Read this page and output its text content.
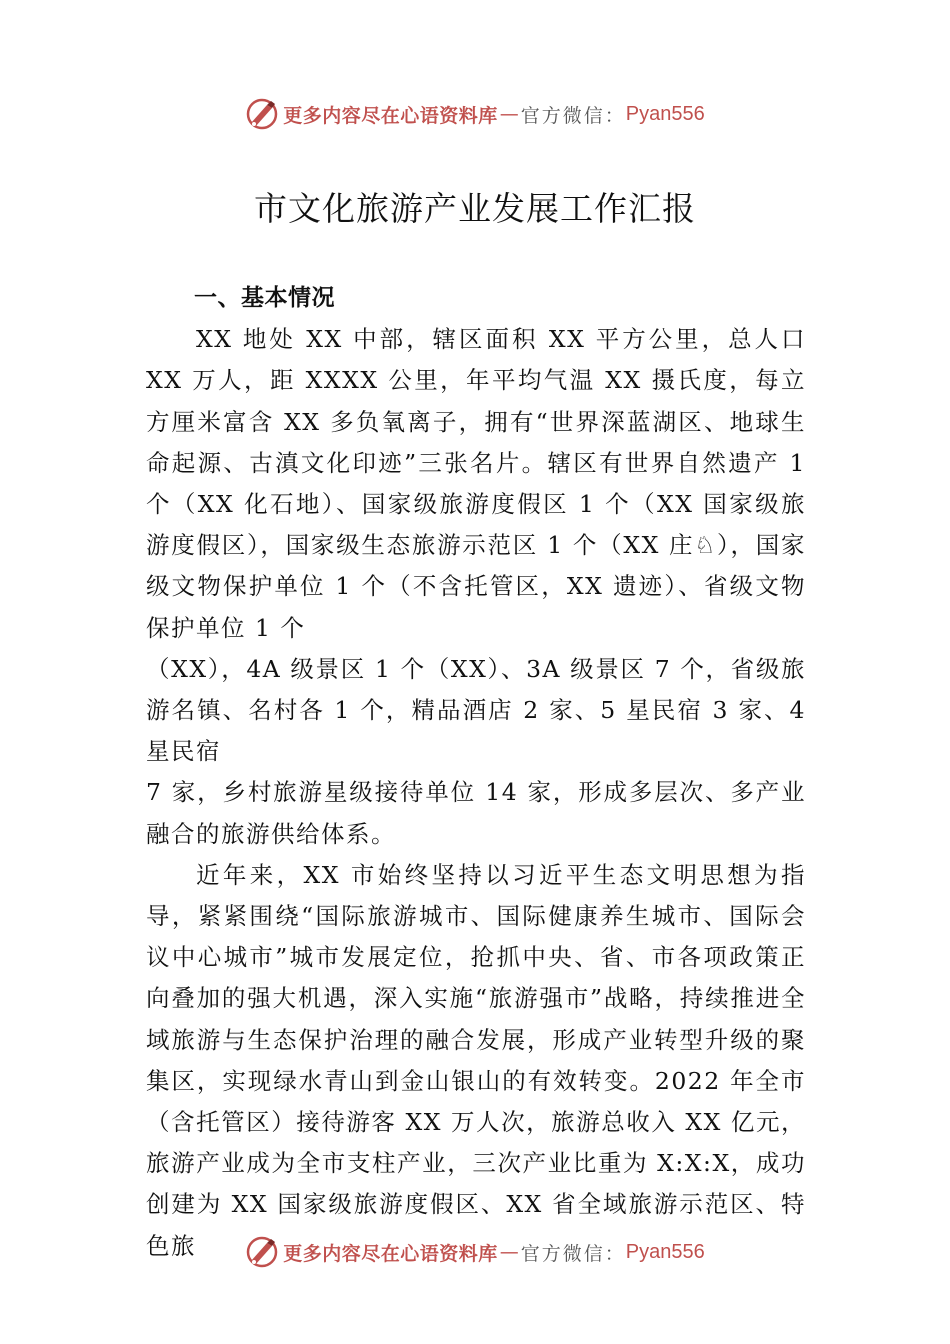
更多内容尽在心语资料库 — 官方微信： Pyan556
市文化旅游产业发展工作汇报

一、基本情况

XX 地处 XX 中部，辖区面积 XX 平方公里，总人口 XX 万人，距 XXXX 公里，年平均气温 XX 摄氏度，每立方厘米富含 XX 多负氧离子，拥有“世界深蓝湖区、地球生命起源、古滇文化印迹”三张名片。辖区有世界自然遗产 1 个（XX 化石地）、国家级旅游度假区 1 个（XX 国家级旅游度假区），国家级生态旅游示范区 1 个（XX 庄♘），国家级文物保护单位 1 个（不含托管区，XX 遗迹）、省级文物保护单位 1 个

（XX），4A 级景区 1 个（XX）、3A 级景区 7 个，省级旅游名镇、名村各 1 个，精品酒店 2 家、5 星民宿 3 家、4 星民宿

7 家，乡村旅游星级接待单位 14 家，形成多层次、多产业融合的旅游供给体系。

近年来，XX 市始终坚持以习近平生态文明思想为指导，紧紧围绕“国际旅游城市、国际健康养生城市、国际会议中心城市”城市发展定位，抢抓中央、省、市各项政策正向叠加的强大机遇，深入实施“旅游强市”战略，持续推进全域旅游与生态保护治理的融合发展，形成产业转型升级的聚集区，实现绿水青山到金山银山的有效转变。2022 年全市（含托管区）接待游客 XX 万人次，旅游总收入 XX 亿元，旅游产业成为全市支柱产业，三次产业比重为 X:X:X，成功创建为 XX 国家级旅游度假区、XX 省全域旅游示范区、特色旅	更多内容尽在心语资料库 — 官方微信： Pyan556
